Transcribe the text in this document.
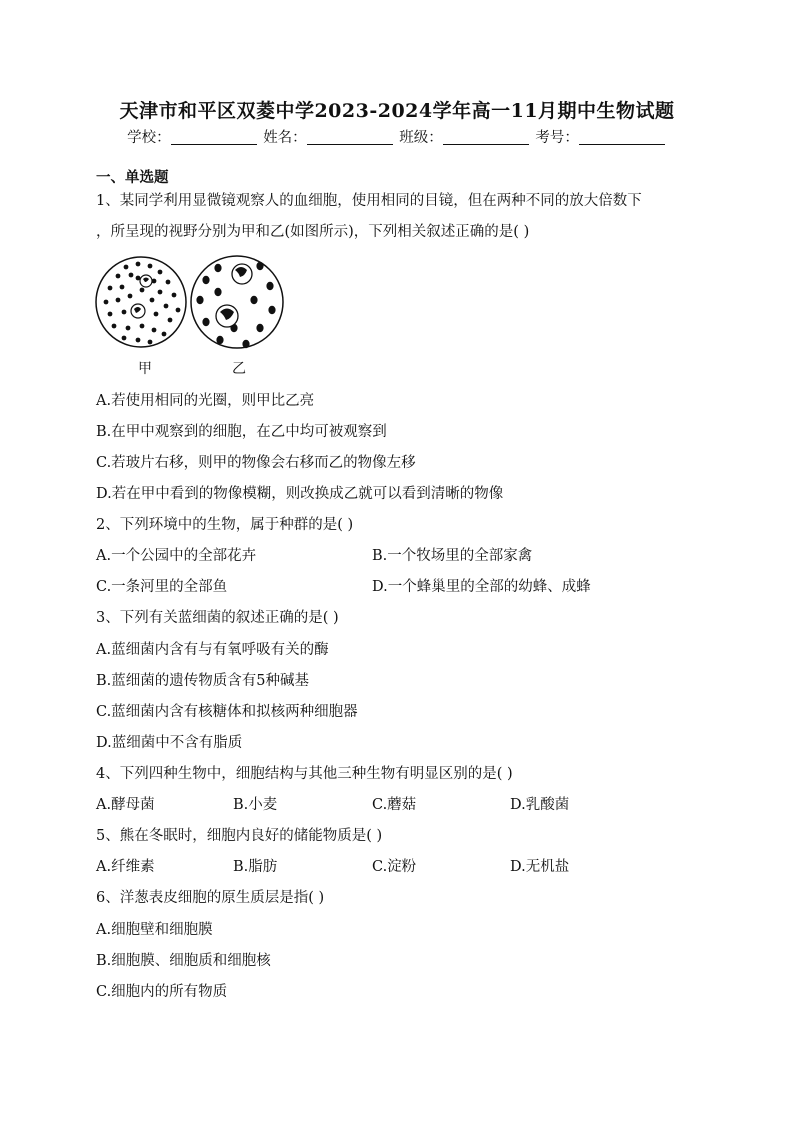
天津市和平区双菱中学2023-2024学年高一11月期中生物试题
学校：	姓名：	班级：	考号：
一、单选题
1、某同学利用显微镜观察人的血细胞，使用相同的目镜，但在两种不同的放大倍数下
，所呈现的视野分别为甲和乙(如图所示)，下列相关叙述正确的是( )
甲	乙
A.若使用相同的光圈，则甲比乙亮
B.在甲中观察到的细胞，在乙中均可被观察到
C.若玻片右移，则甲的物像会右移而乙的物像左移
D.若在甲中看到的物像模糊，则改换成乙就可以看到清晰的物像
2、下列环境中的生物，属于种群的是( )
A.一个公园中的全部花卉	B.一个牧场里的全部家禽
C.一条河里的全部鱼	D.一个蜂巢里的全部的幼蜂、成蜂
3、下列有关蓝细菌的叙述正确的是( )
A.蓝细菌内含有与有氧呼吸有关的酶
B.蓝细菌的遗传物质含有5种碱基
C.蓝细菌内含有核糖体和拟核两种细胞器
D.蓝细菌中不含有脂质
4、下列四种生物中，细胞结构与其他三种生物有明显区别的是( )
A.酵母菌	B.小麦	C.蘑菇	D.乳酸菌
5、熊在冬眠时，细胞内良好的储能物质是( )
A.纤维素	B.脂肪	C.淀粉	D.无机盐
6、洋葱表皮细胞的原生质层是指( )
A.细胞壁和细胞膜
B.细胞膜、细胞质和细胞核
C.细胞内的所有物质
